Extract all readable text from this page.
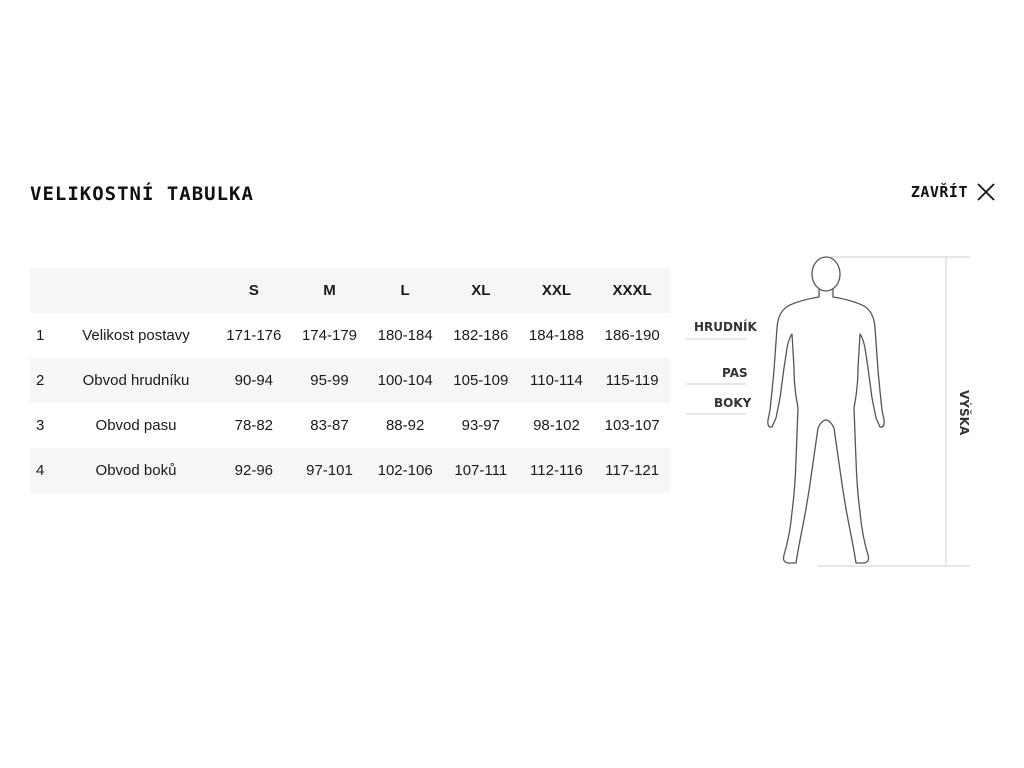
VELIKOSTNÍ TABULKA	ZAVŘÍT
		S	M	L	XL	XXL	XXXL
1	Velikost postavy	171-176	174-179	180-184	182-186	184-188	186-190
2	Obvod hrudníku	90-94	95-99	100-104	105-109	110-114	115-119
3	Obvod pasu	78-82	83-87	88-92	93-97	98-102	103-107
4	Obvod boků	92-96	97-101	102-106	107-111	112-116	117-121
HRUDNÍK
PAS
BOKY	VÝŠKA
